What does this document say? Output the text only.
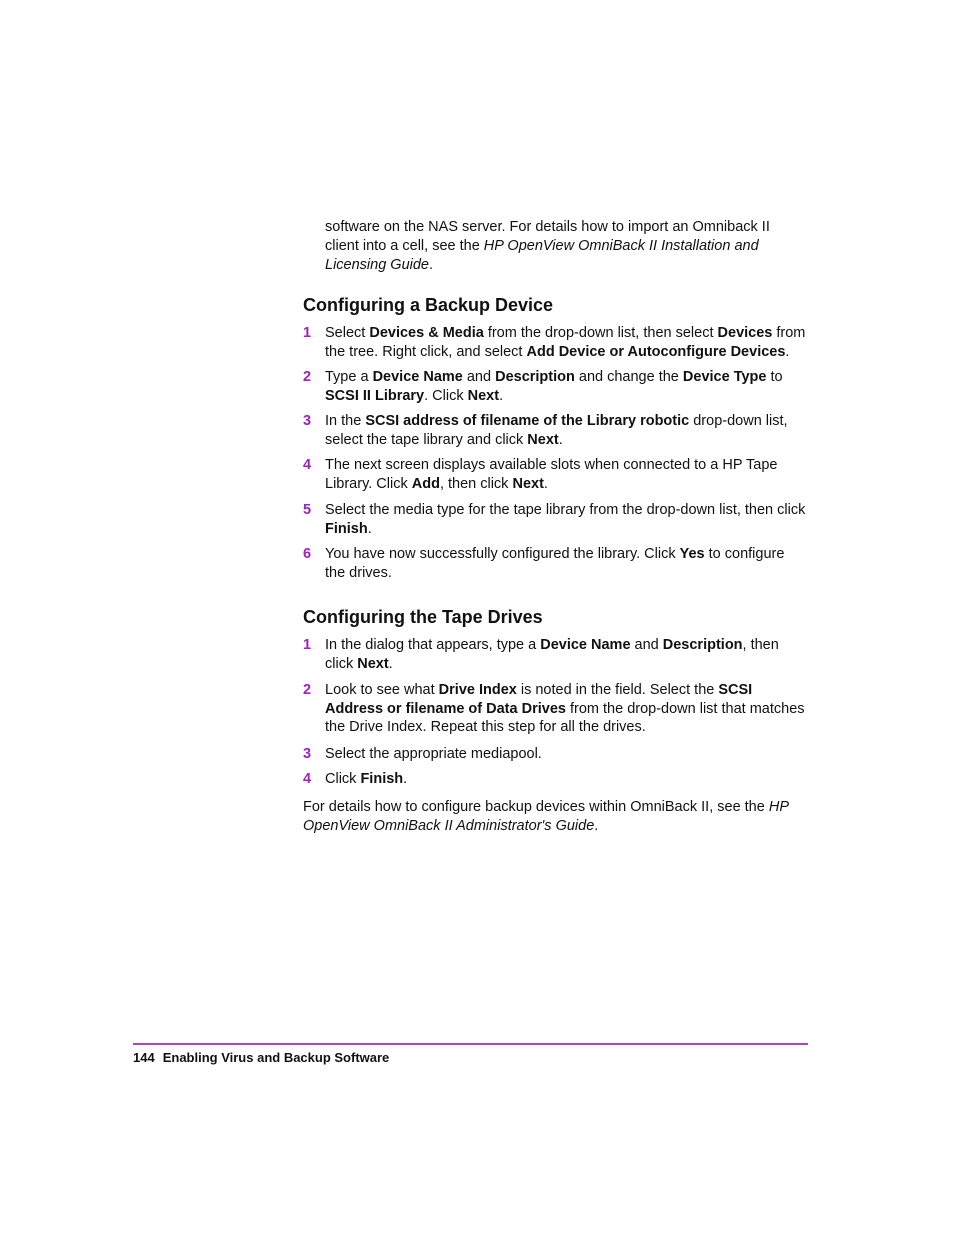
software on the NAS server. For details how to import an Omniback II client into a cell, see the HP OpenView OmniBack II Installation and Licensing Guide.
Configuring a Backup Device
1 Select Devices & Media from the drop-down list, then select Devices from the tree. Right click, and select Add Device or Autoconfigure Devices.
2 Type a Device Name and Description and change the Device Type to SCSI II Library. Click Next.
3 In the SCSI address of filename of the Library robotic drop-down list, select the tape library and click Next.
4 The next screen displays available slots when connected to a HP Tape Library. Click Add, then click Next.
5 Select the media type for the tape library from the drop-down list, then click Finish.
6 You have now successfully configured the library. Click Yes to configure the drives.
Configuring the Tape Drives
1 In the dialog that appears, type a Device Name and Description, then click Next.
2 Look to see what Drive Index is noted in the field. Select the SCSI Address or filename of Data Drives from the drop-down list that matches the Drive Index. Repeat this step for all the drives.
3 Select the appropriate mediapool.
4 Click Finish.
For details how to configure backup devices within OmniBack II, see the HP OpenView OmniBack II Administrator's Guide.
144 Enabling Virus and Backup Software
